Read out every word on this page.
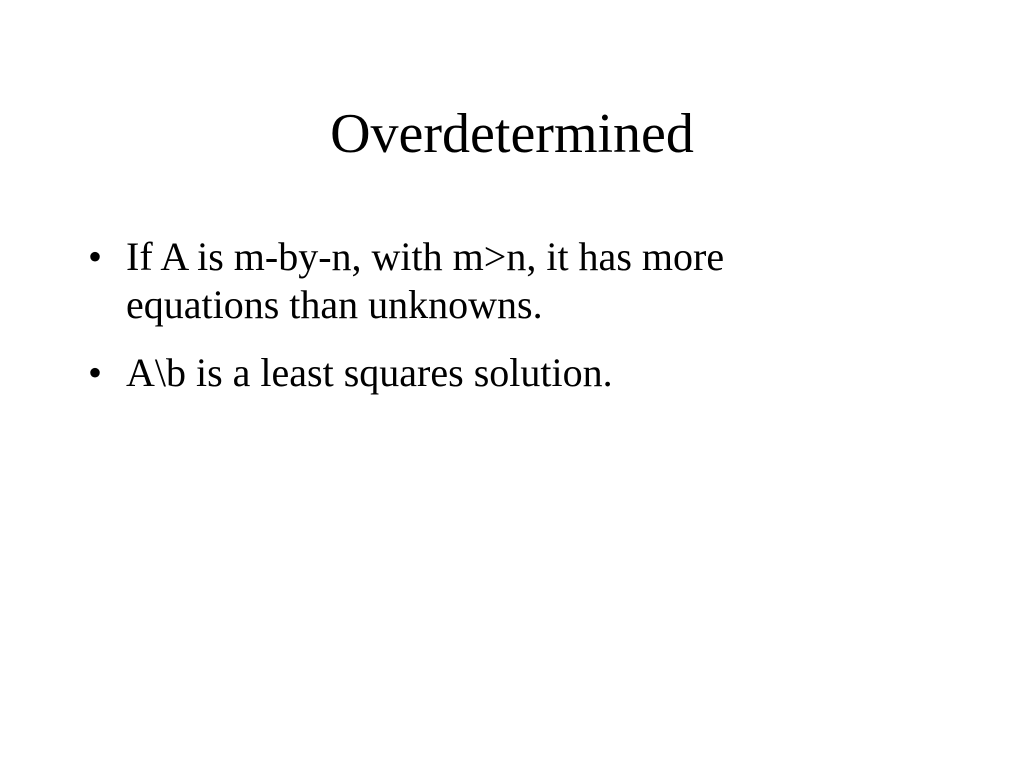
Overdetermined
• If A is m-by-n, with m>n, it has more equations than unknowns.
• A\b is a least squares solution.
